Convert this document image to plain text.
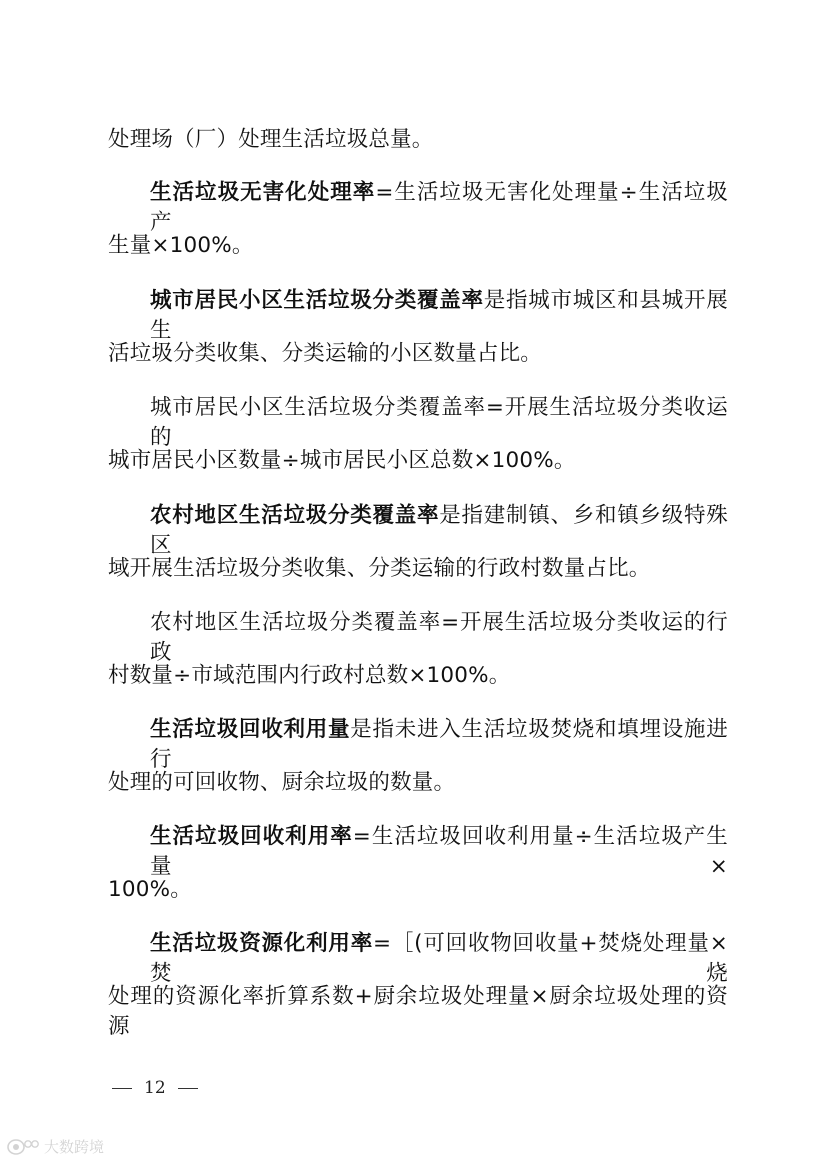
处理场（厂）处理生活垃圾总量。
生活垃圾无害化处理率=生活垃圾无害化处理量÷生活垃圾产
生量×100%。
城市居民小区生活垃圾分类覆盖率是指城市城区和县城开展生
活垃圾分类收集、分类运输的小区数量占比。
城市居民小区生活垃圾分类覆盖率=开展生活垃圾分类收运的
城市居民小区数量÷城市居民小区总数×100%。
农村地区生活垃圾分类覆盖率是指建制镇、乡和镇乡级特殊区
域开展生活垃圾分类收集、分类运输的行政村数量占比。
农村地区生活垃圾分类覆盖率=开展生活垃圾分类收运的行政
村数量÷市域范围内行政村总数×100%。
生活垃圾回收利用量是指未进入生活垃圾焚烧和填埋设施进行
处理的可回收物、厨余垃圾的数量。
生活垃圾回收利用率=生活垃圾回收利用量÷生活垃圾产生量×
100%。
生活垃圾资源化利用率=［(可回收物回收量+焚烧处理量×焚烧
处理的资源化率折算系数+厨余垃圾处理量×厨余垃圾处理的资源
12
大数跨境
